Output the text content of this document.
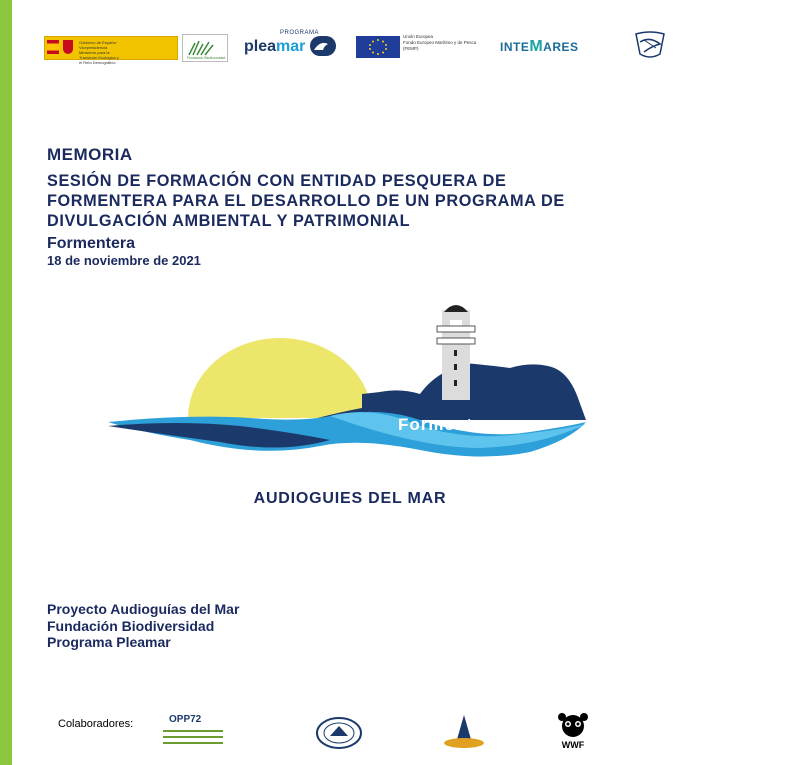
Gobierno de España · Vicepresidencia Ministerio para la Transición Ecológica y el Reto Demográfico
Fundación Biodiversidad
PROGRAMA
pleamar
Unión Europea
Fondo Europeo Marítimo y de Pesca (FEMP)	INTEMARES
MEMORIA
SESIÓN DE FORMACIÓN CON ENTIDAD PESQUERA DE
FORMENTERA PARA EL DESARROLLO DE UN PROGRAMA DE
DIVULGACIÓN AMBIENTAL Y PATRIMONIAL
Formentera
18 de noviembre de 2021
Formentera
AUDIOGUIES DEL MAR
Proyecto Audioguías del Mar
Fundación Biodiversidad
Programa Pleamar
Colaboradores:	OPP72
WWF
